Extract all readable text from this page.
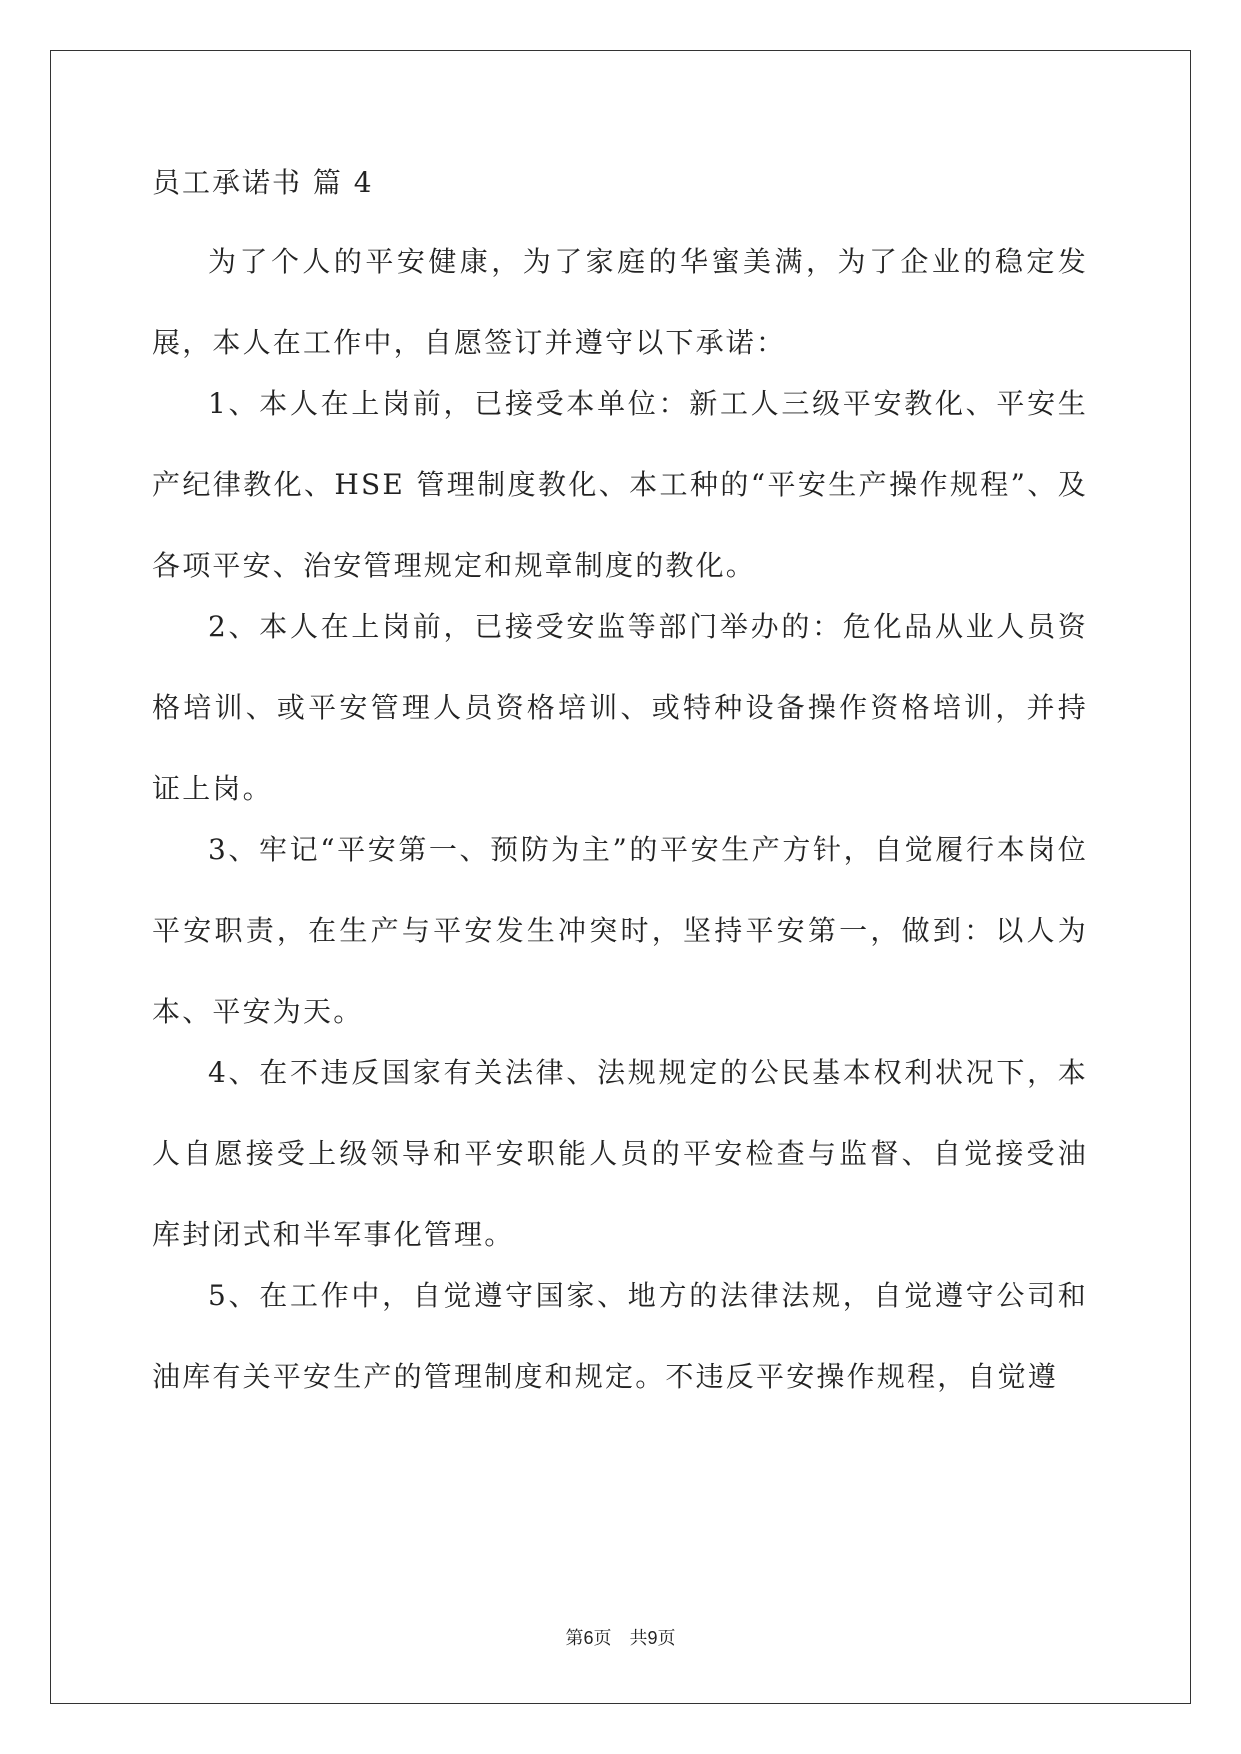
员工承诺书 篇 4

为了个人的平安健康，为了家庭的华蜜美满，为了企业的稳定发展，本人在工作中，自愿签订并遵守以下承诺：

1、本人在上岗前，已接受本单位：新工人三级平安教化、平安生产纪律教化、HSE 管理制度教化、本工种的“平安生产操作规程”、及各项平安、治安管理规定和规章制度的教化。

2、本人在上岗前，已接受安监等部门举办的：危化品从业人员资格培训、或平安管理人员资格培训、或特种设备操作资格培训，并持证上岗。

3、牢记“平安第一、预防为主”的平安生产方针，自觉履行本岗位平安职责，在生产与平安发生冲突时，坚持平安第一，做到：以人为本、平安为天。

4、在不违反国家有关法律、法规规定的公民基本权利状况下，本人自愿接受上级领导和平安职能人员的平安检查与监督、自觉接受油库封闭式和半军事化管理。

5、在工作中，自觉遵守国家、地方的法律法规，自觉遵守公司和油库有关平安生产的管理制度和规定。不违反平安操作规程，自觉遵

第6页 共9页
